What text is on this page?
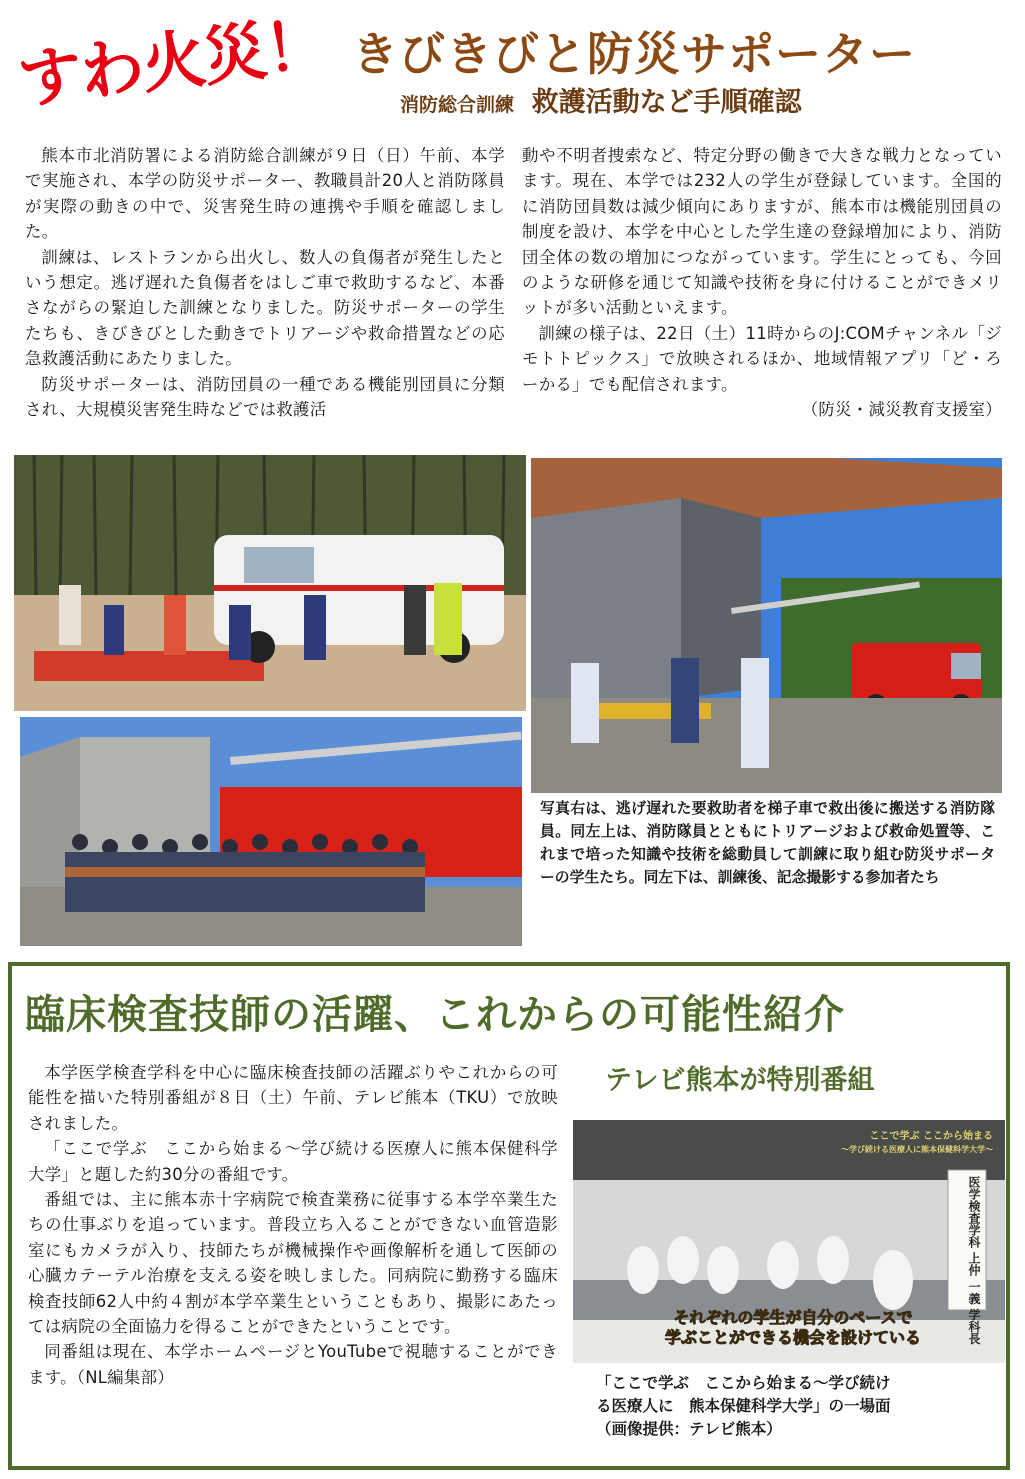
すわ火災！ きびきびと防災サポーター
消防総合訓練 救護活動など手順確認

熊本市北消防署による消防総合訓練が９日（日）午前、本学で実施され、本学の防災サポーター、教職員計20人と消防隊員が実際の動きの中で、災害発生時の連携や手順を確認しました。

訓練は、レストランから出火し、数人の負傷者が発生したという想定。逃げ遅れた負傷者をはしご車で救助するなど、本番さながらの緊迫した訓練となりました。防災サポーターの学生たちも、きびきびとした動きでトリアージや救命措置などの応急救護活動にあたりました。

防災サポーターは、消防団員の一種である機能別団員に分類され、大規模災害発生時などでは救護活

動や不明者捜索など、特定分野の働きで大きな戦力となっています。現在、本学では232人の学生が登録しています。全国的に消防団員数は減少傾向にありますが、熊本市は機能別団員の制度を設け、本学を中心とした学生達の登録増加により、消防団全体の数の増加につながっています。学生にとっても、今回のような研修を通じて知識や技術を身に付けることができメリットが多い活動といえます。

訓練の様子は、22日（土）11時からのJ:COMチャンネル「ジモトトピックス」で放映されるほか、地域情報アプリ「ど・ろーかる」でも配信されます。

（防災・減災教育支援室）

写真右は、逃げ遅れた要救助者を梯子車で救出後に搬送する消防隊員。同左上は、消防隊員とともにトリアージおよび救命処置等、これまで培った知識や技術を総動員して訓練に取り組む防災サポーターの学生たち。同左下は、訓練後、記念撮影する参加者たち
臨床検査技師の活躍、これからの可能性紹介

本学医学検査学科を中心に臨床検査技師の活躍ぶりやこれからの可能性を描いた特別番組が８日（土）午前、テレビ熊本（TKU）で放映されました。

「ここで学ぶ　ここから始まる～学び続ける医療人に熊本保健科学大学」と題した約30分の番組です。

番組では、主に熊本赤十字病院で検査業務に従事する本学卒業生たちの仕事ぶりを追っています。普段立ち入ることができない血管造影室にもカメラが入り、技師たちが機械操作や画像解析を通して医師の心臓カテーテル治療を支える姿を映しました。同病院に勤務する臨床検査技師62人中約４割が本学卒業生ということもあり、撮影にあたっては病院の全面協力を得ることができたということです。

同番組は現在、本学ホームページとYouTubeで視聴することができます。（NL編集部）

テレビ熊本が特別番組
ここで学ぶ ここから始まる
〜学び続ける医療人に熊本保健科学大学〜
医学検査学科 上仲 一義 学科長
それぞれの学生が自分のペースで
学ぶことができる機会を設けている
「ここで学ぶ　ここから始まる～学び続け
る医療人に　熊本保健科学大学」の一場面
（画像提供：テレビ熊本）
